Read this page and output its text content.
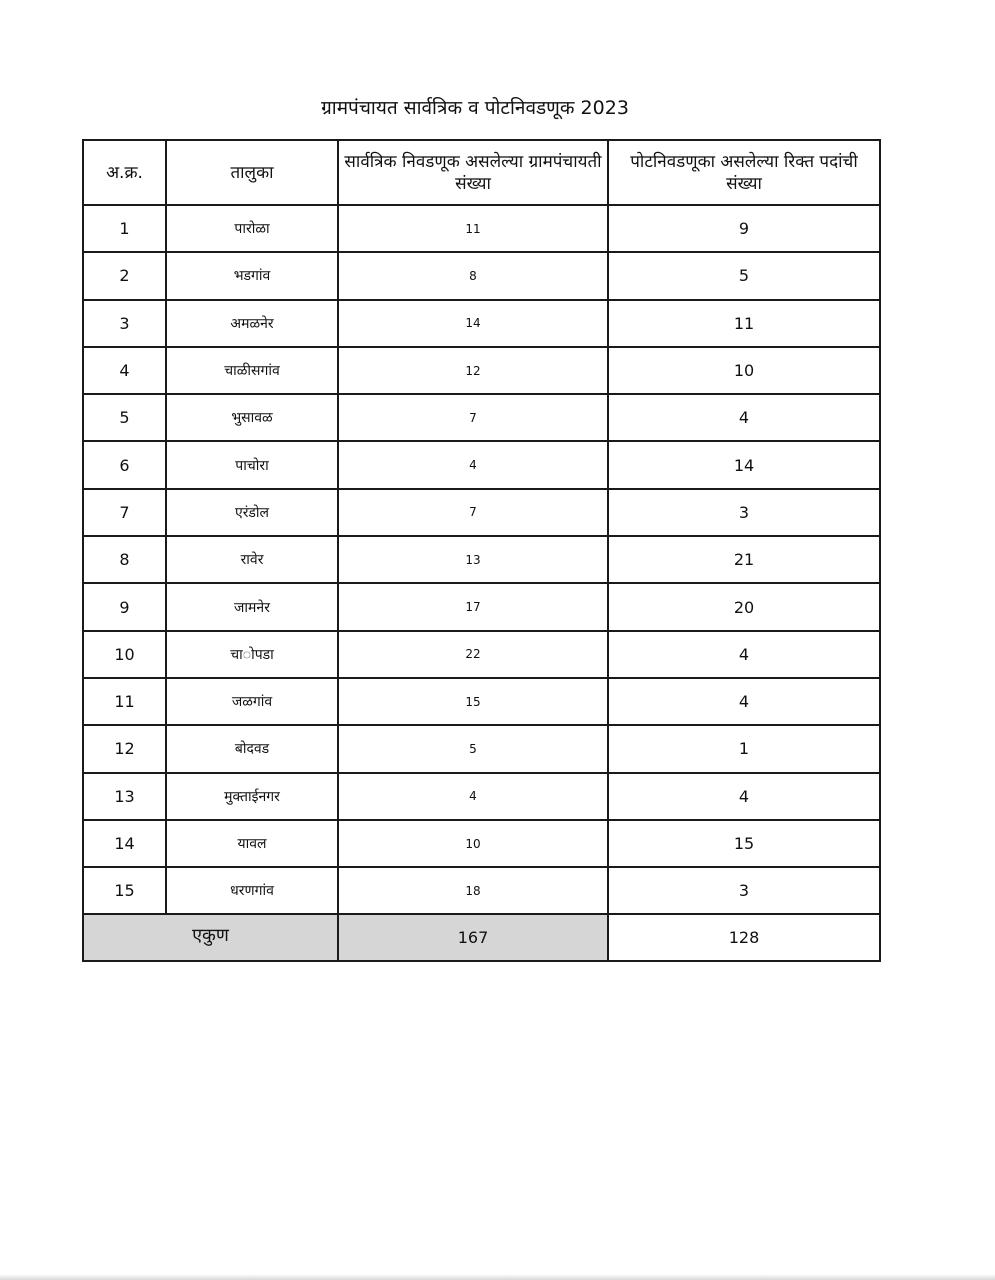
ग्रामपंचायत सार्वत्रिक व पोटनिवडणूक 2023
अ.क्र.	तालुका	सार्वत्रिक निवडणूक असलेल्या ग्रामपंचायती संख्या	पोटनिवडणूका असलेल्या रिक्त पदांची संख्या
1	पारोळा	11	9
2	भडगांव	8	5
3	अमळनेर	14	11
4	चाळीसगांव	12	10
5	भुसावळ	7	4
6	पाचोरा	4	14
7	एरंडोल	7	3
8	रावेर	13	21
9	जामनेर	17	20
10	चा◌ोपडा	22	4
11	जळगांव	15	4
12	बोदवड	5	1
13	मुक्ताईनगर	4	4
14	यावल	10	15
15	धरणगांव	18	3
एकुण		167	128
